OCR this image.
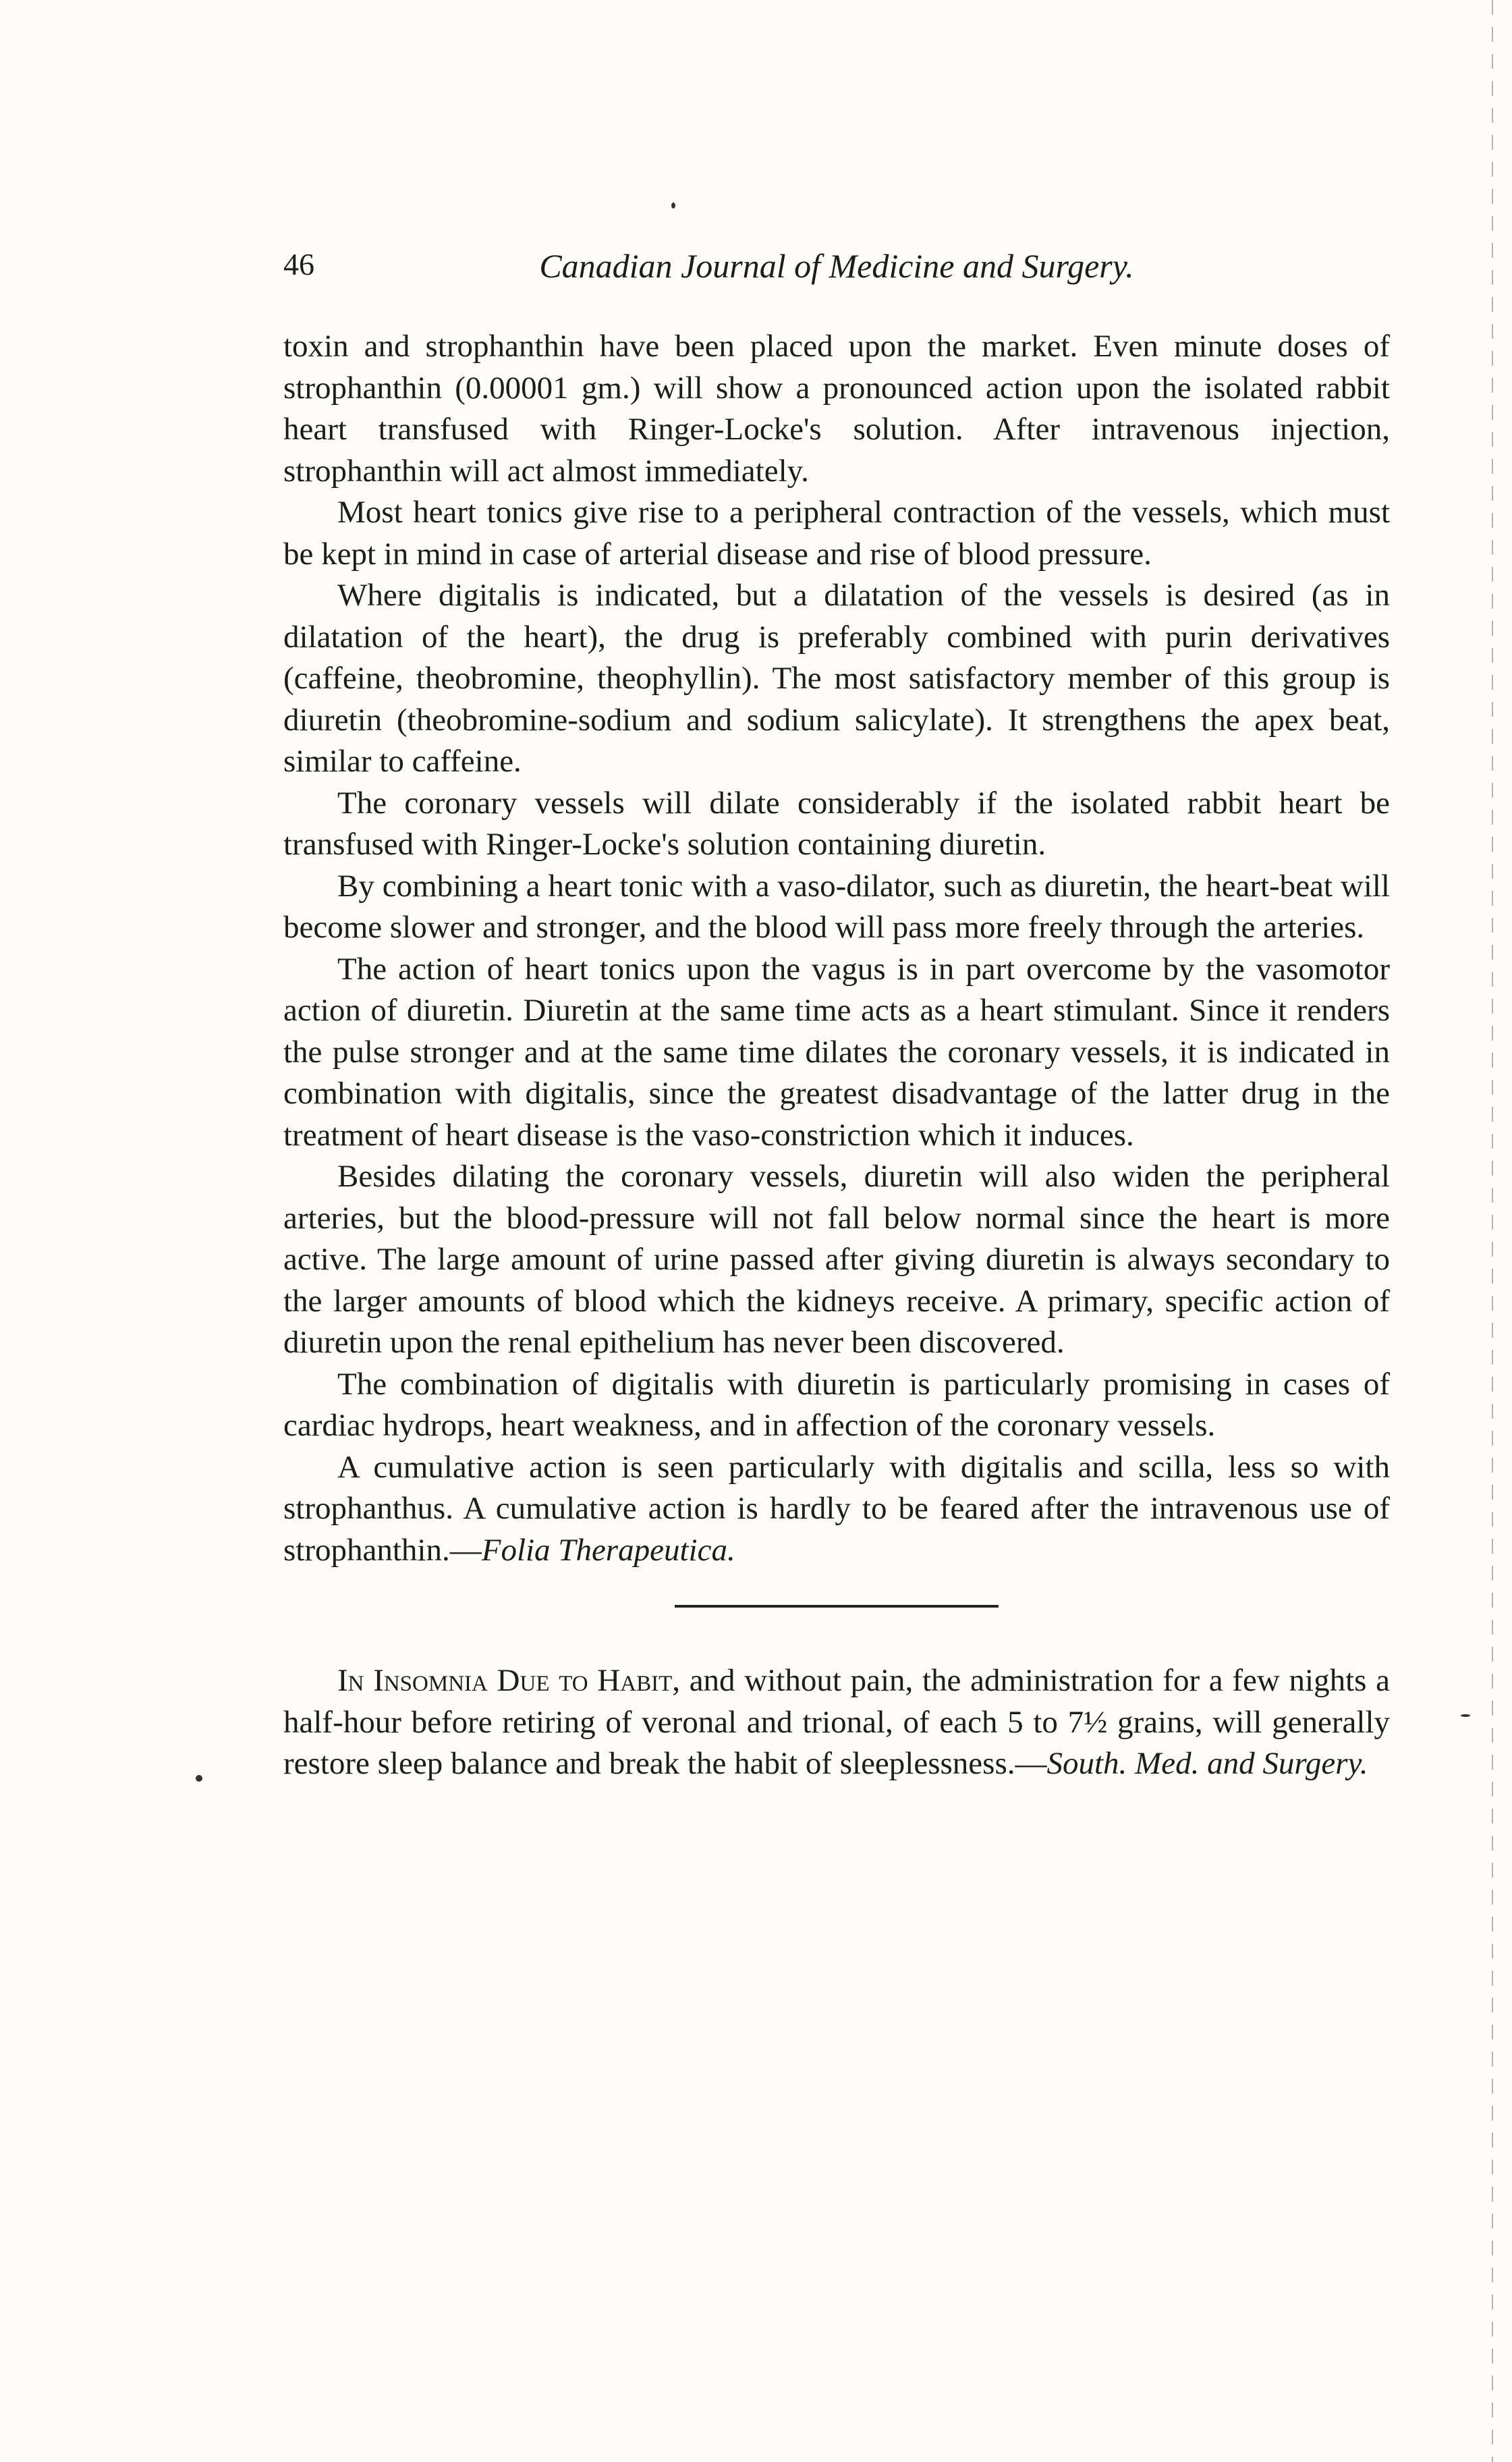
46	Canadian Journal of Medicine and Surgery.

toxin and strophanthin have been placed upon the market. Even minute doses of strophanthin (0.00001 gm.) will show a pronounced action upon the isolated rabbit heart transfused with Ringer-Locke's solution. After intravenous injection, strophanthin will act almost immediately.

Most heart tonics give rise to a peripheral contraction of the vessels, which must be kept in mind in case of arterial disease and rise of blood pressure.

Where digitalis is indicated, but a dilatation of the vessels is desired (as in dilatation of the heart), the drug is preferably combined with purin derivatives (caffeine, theobromine, theophyllin). The most satisfactory member of this group is diuretin (theobromine-sodium and sodium salicylate). It strengthens the apex beat, similar to caffeine.

The coronary vessels will dilate considerably if the isolated rabbit heart be transfused with Ringer-Locke's solution containing diuretin.

By combining a heart tonic with a vaso-dilator, such as diuretin, the heart-beat will become slower and stronger, and the blood will pass more freely through the arteries.

The action of heart tonics upon the vagus is in part overcome by the vasomotor action of diuretin. Diuretin at the same time acts as a heart stimulant. Since it renders the pulse stronger and at the same time dilates the coronary vessels, it is indicated in combination with digitalis, since the greatest disadvantage of the latter drug in the treatment of heart disease is the vaso-constriction which it induces.

Besides dilating the coronary vessels, diuretin will also widen the peripheral arteries, but the blood-pressure will not fall below normal since the heart is more active. The large amount of urine passed after giving diuretin is always secondary to the larger amounts of blood which the kidneys receive. A primary, specific action of diuretin upon the renal epithelium has never been discovered.

The combination of digitalis with diuretin is particularly promising in cases of cardiac hydrops, heart weakness, and in affection of the coronary vessels.

A cumulative action is seen particularly with digitalis and scilla, less so with strophanthus. A cumulative action is hardly to be feared after the intravenous use of strophanthin.—Folia Therapeutica.

In Insomnia Due to Habit, and without pain, the administration for a few nights a half-hour before retiring of veronal and trional, of each 5 to 7½ grains, will generally restore sleep balance and break the habit of sleeplessness.—South. Med. and Surgery.
